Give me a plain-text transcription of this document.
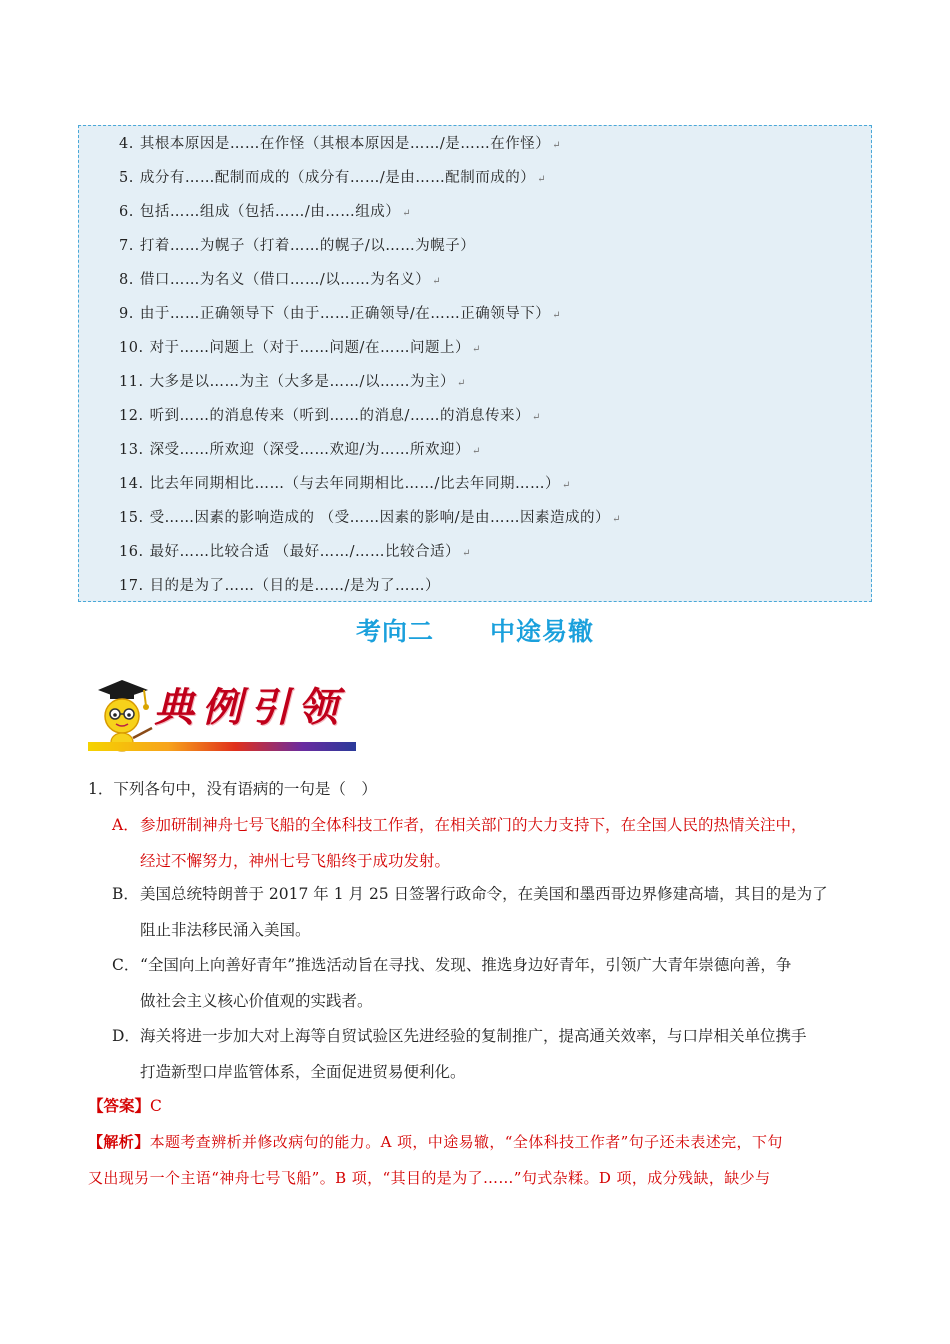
4. 其根本原因是……在作怪（其根本原因是……/是……在作怪） ↵
5. 成分有……配制而成的（成分有……/是由……配制而成的） ↵
6. 包括……组成（包括……/由……组成） ↵
7. 打着……为幌子（打着……的幌子/以……为幌子）
8. 借口……为名义（借口……/以……为名义） ↵
9. 由于……正确领导下（由于……正确领导/在……正确领导下） ↵
10. 对于……问题上（对于……问题/在……问题上） ↵
11. 大多是以……为主（大多是……/以……为主） ↵
12. 听到……的消息传来（听到……的消息/……的消息传来） ↵
13. 深受……所欢迎（深受……欢迎/为……所欢迎） ↵
14. 比去年同期相比……（与去年同期相比……/比去年同期……） ↵
15. 受……因素的影响造成的 （受……因素的影响/是由……因素造成的） ↵
16. 最好……比较合适 （最好……/……比较合适） ↵
17. 目的是为了……（目的是……/是为了……）
考向二 中途易辙
典例引领
1．下列各句中，没有语病的一句是（　）
A． 参加研制神舟七号飞船的全体科技工作者，在相关部门的大力支持下，在全国人民的热情关注中，
经过不懈努力，神州七号飞船终于成功发射。
B． 美国总统特朗普于 2017 年 1 月 25 日签署行政命令，在美国和墨西哥边界修建高墙，其目的是为了
阻止非法移民涌入美国。
C． “全国向上向善好青年”推选活动旨在寻找、发现、推选身边好青年，引领广大青年崇德向善，争
做社会主义核心价值观的实践者。
D． 海关将进一步加大对上海等自贸试验区先进经验的复制推广，提高通关效率，与口岸相关单位携手
打造新型口岸监管体系，全面促进贸易便利化。
【答案】C
【解析】本题考查辨析并修改病句的能力。A 项，中途易辙，“全体科技工作者”句子还未表述完，下句
又出现另一个主语“神舟七号飞船”。B 项，“其目的是为了……”句式杂糅。D 项，成分残缺，缺少与
